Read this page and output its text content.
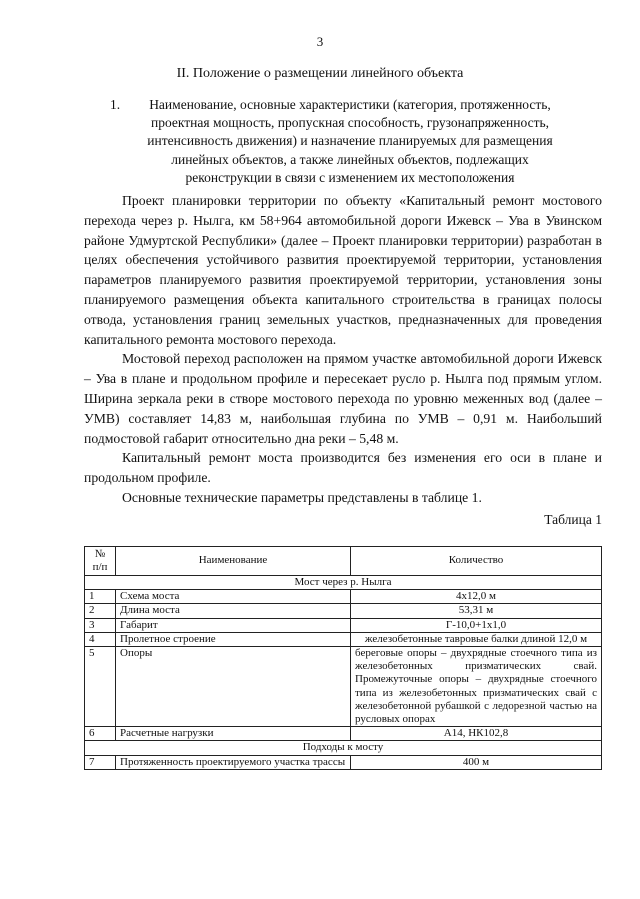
3
II. Положение о размещении линейного объекта
1.	Наименование, основные характеристики (категория, протяженность,
проектная мощность, пропускная способность, грузонапряженность,
интенсивность движения) и назначение планируемых для размещения
линейных объектов, а также линейных объектов, подлежащих
реконструкции в связи с изменением их местоположения

Проект планировки территории по объекту «Капитальный ремонт мостового перехода через р. Нылга, км 58+964 автомобильной дороги Ижевск – Ува в Увинском районе Удмуртской Республики» (далее – Проект планировки территории) разработан в целях обеспечения устойчивого развития проектируемой территории, установления параметров планируемого развития проектируемой территории, установления зоны планируемого размещения объекта капитального строительства в границах полосы отвода, установления границ земельных участков, предназначенных для проведения капитального ремонта мостового перехода.

Мостовой переход расположен на прямом участке автомобильной дороги Ижевск – Ува в плане и продольном профиле и пересекает русло р. Нылга под прямым углом. Ширина зеркала реки в створе мостового перехода по уровню меженных вод (далее – УМВ) составляет 14,83 м, наибольшая глубина по УМВ – 0,91 м. Наибольший подмостовой габарит относительно дна реки – 5,48 м.

Капитальный ремонт моста производится без изменения его оси в плане и продольном профиле.

Основные технические параметры представлены в таблице 1.

Таблица 1
№ п/п	Наименование	Количество
Мост через р. Нылга		
1	Схема моста	4х12,0 м
2	Длина моста	53,31 м
3	Габарит	Г-10,0+1х1,0
4	Пролетное строение	железобетонные тавровые балки длиной 12,0 м
5	Опоры	береговые опоры – двухрядные стоечного типа из железобетонных призматических свай. Промежуточные опоры – двухрядные стоечного типа из железобетонных призматических свай с железобетонной рубашкой с ледорезной частью на русловых опорах
6	Расчетные нагрузки	А14, НК102,8
Подходы к мосту		
7	Протяженность проектируемого участка трассы	400 м
